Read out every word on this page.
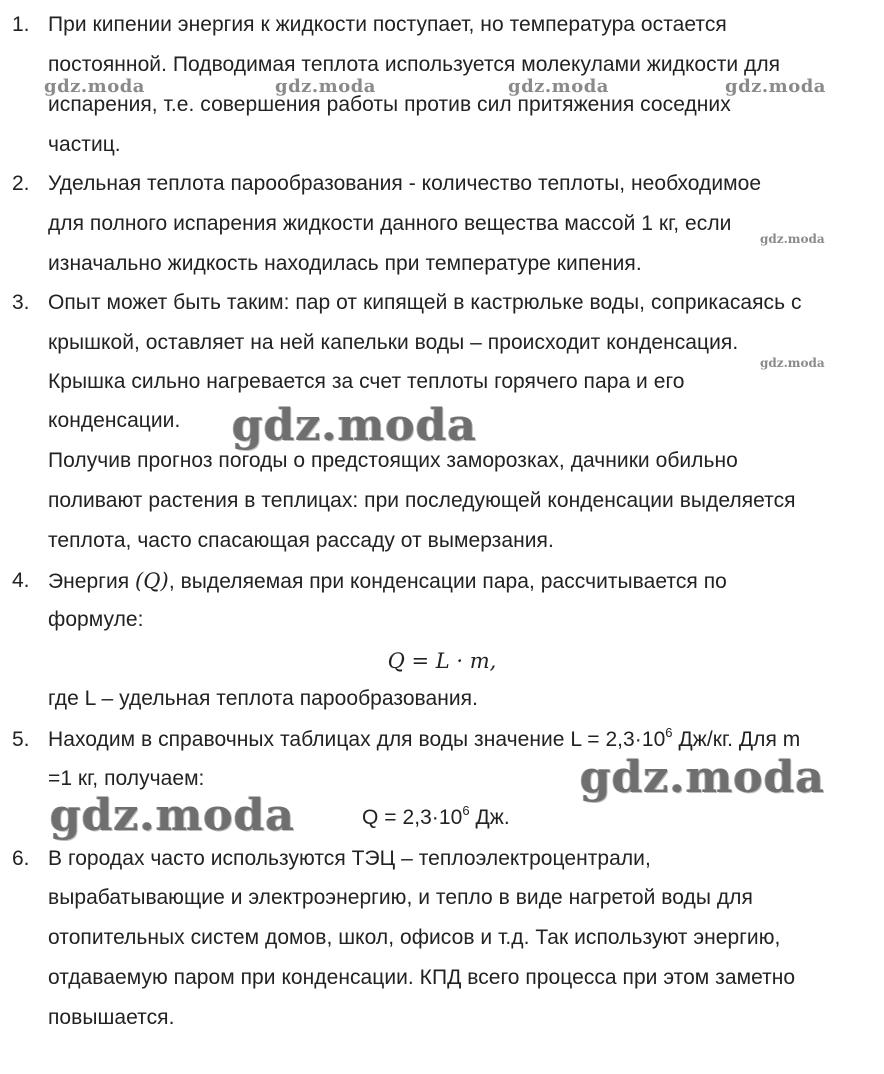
1. При кипении энергия к жидкости поступает, но температура остается
постоянной. Подводимая теплота используется молекулами жидкости для
испарения, т.е. совершения работы против сил притяжения соседних
частиц.
2. Удельная теплота парообразования - количество теплоты, необходимое
для полного испарения жидкости данного вещества массой 1 кг, если
изначально жидкость находилась при температуре кипения.
3. Опыт может быть таким: пар от кипящей в кастрюльке воды, соприкасаясь с
крышкой, оставляет на ней капельки воды – происходит конденсация.
Крышка сильно нагревается за счет теплоты горячего пара и его
конденсации.
Получив прогноз погоды о предстоящих заморозках, дачники обильно
поливают растения в теплицах: при последующей конденсации выделяется
теплота, часто спасающая рассаду от вымерзания.
4. Энергия (Q), выделяемая при конденсации пара, рассчитывается по
формуле:
Q = L · m,
где L – удельная теплота парообразования.
5. Находим в справочных таблицах для воды значение $L = 2,3\cdot 10^6$ Дж/кг. Для m
=1 кг, получаем:
$Q = 2,3\cdot 10^6$ Дж.
6. В городах часто используются ТЭЦ – теплоэлектроцентрали,
вырабатывающие и электроэнергию, и тепло в виде нагретой воды для
отопительных систем домов, школ, офисов и т.д. Так используют энергию,
отдаваемую паром при конденсации. КПД всего процесса при этом заметно
повышается.
gdz.moda	gdz.moda	gdz.moda	gdz.moda
gdz.moda
gdz.moda
gdz.moda
gdz.moda
gdz.moda
